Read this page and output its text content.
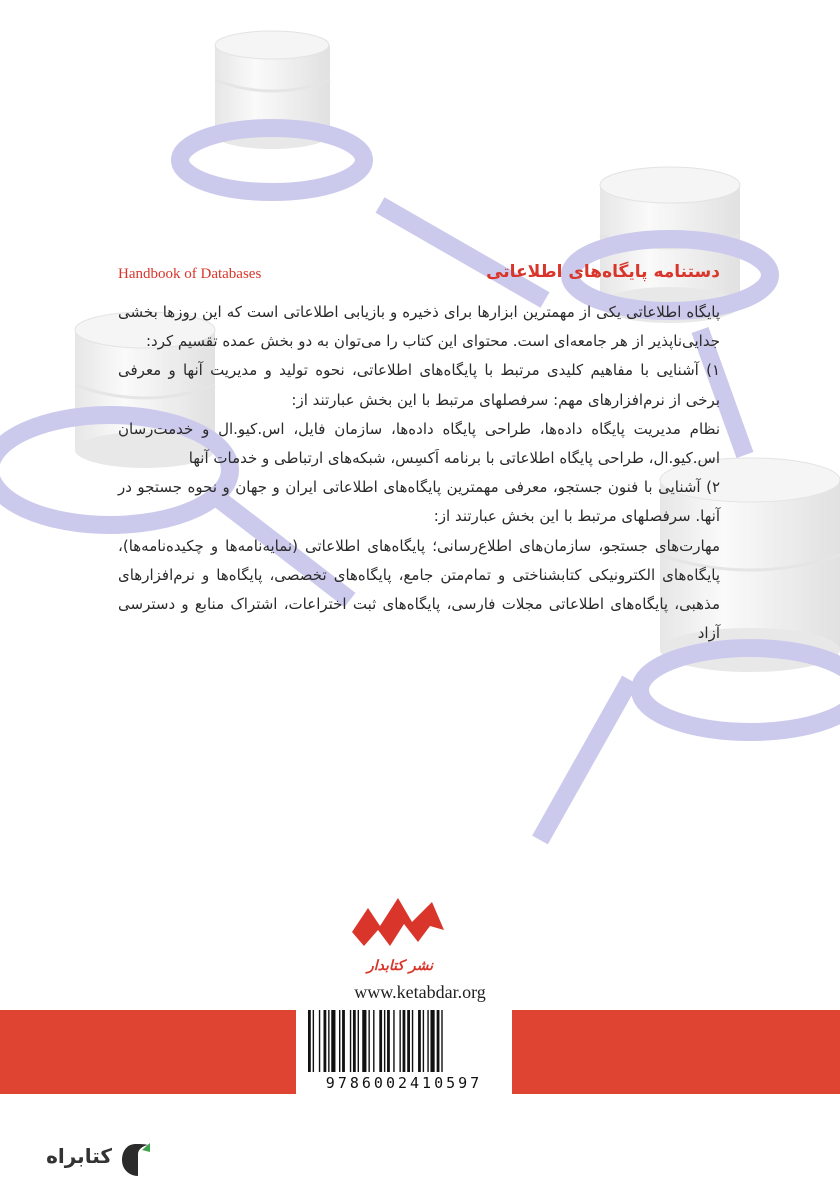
دستنامه پایگاه‌های اطلاعاتی
Handbook of Databases

پایگاه اطلاعاتی یکی از مهمترین ابزارها برای ذخیره و بازیابی اطلاعاتی است که این روزها بخشی جدایی‌ناپذیر از هر جامعه‌ای است. محتوای این کتاب را می‌توان به دو بخش عمده تقسیم کرد:

۱) آشنایی با مفاهیم کلیدی مرتبط با پایگاه‌های اطلاعاتی، نحوه تولید و مدیریت آنها و معرفی برخی از نرم‌افزارهای مهم: سرفصلهای مرتبط با این بخش عبارتند از:

نظام مدیریت پایگاه داده‌ها، طراحی پایگاه داده‌ها، سازمان فایل، اس.کیو.ال و خدمت‌رسان اس.کیو.ال، طراحی پایگاه اطلاعاتی با برنامه اَکسِس، شبکه‌های ارتباطی و خدمات آنها

۲) آشنایی با فنون جستجو، معرفی مهمترین پایگاه‌های اطلاعاتی ایران و جهان و نحوه جستجو در آنها. سرفصلهای مرتبط با این بخش عبارتند از:

مهارت‌های جستجو، سازمان‌های اطلاع‌رسانی؛ پایگاه‌های اطلاعاتی (نمایه‌نامه‌ها و چکیده‌نامه‌ها)، پایگاه‌های الکترونیکی کتابشناختی و تمام‌متن جامع، پایگاه‌های تخصصی، پایگاه‌ها و نرم‌افزارهای مذهبی، پایگاه‌های اطلاعاتی مجلات فارسی، پایگاه‌های ثبت اختراعات، اشتراک منابع و دسترسی آزاد

نشر کتابدار
www.ketabdar.org
9786002410597
کتابراه
